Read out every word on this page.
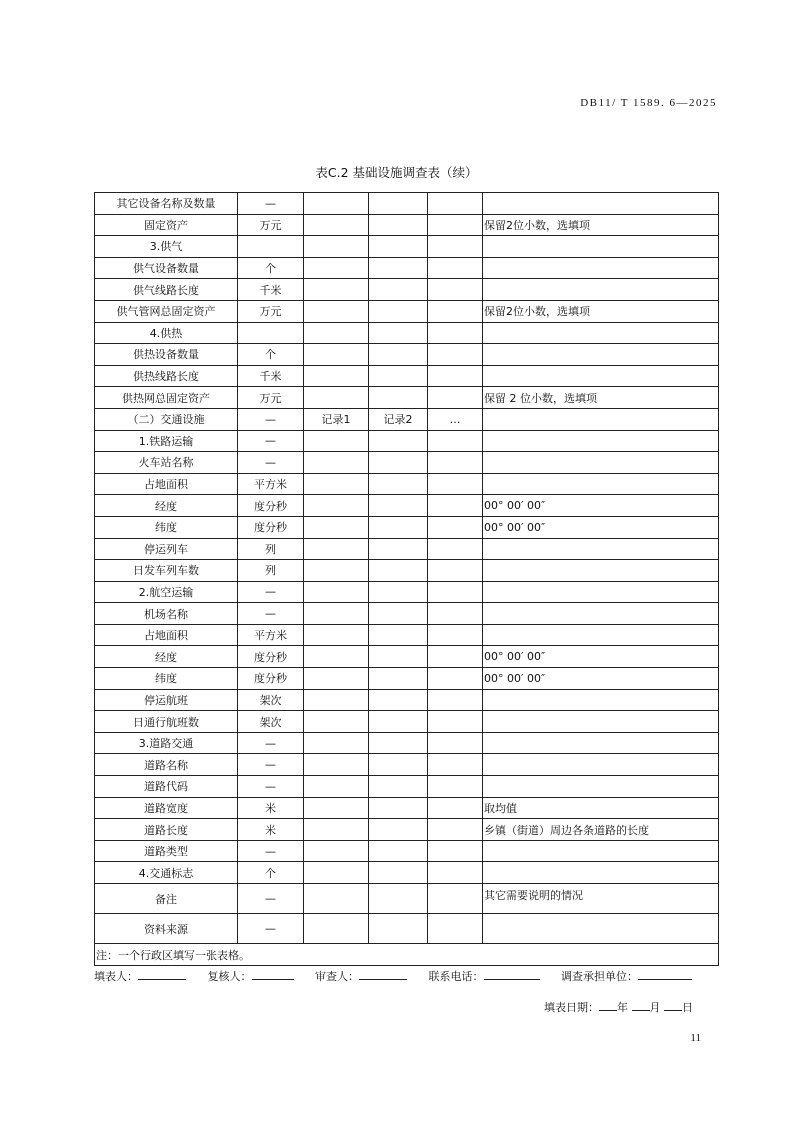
DB11/ T 1589. 6—2025
表C.2 基础设施调查表（续）
其它设备名称及数量	—				
固定资产	万元				保留2位小数，选填项
3.供气					
供气设备数量	个				
供气线路长度	千米				
供气管网总固定资产	万元				保留2位小数，选填项
4.供热					
供热设备数量	个				
供热线路长度	千米				
供热网总固定资产	万元				保留 2 位小数，选填项
（二）交通设施	—	记录1	记录2	…	
1.铁路运输	—				
火车站名称	—				
占地面积	平方米				
经度	度分秒				00° 00′ 00″
纬度	度分秒				00° 00′ 00″
停运列车	列				
日发车列车数	列				
2.航空运输	—				
机场名称	—				
占地面积	平方米				
经度	度分秒				00° 00′ 00″
纬度	度分秒				00° 00′ 00″
停运航班	架次				
日通行航班数	架次				
3.道路交通	—				
道路名称	—				
道路代码	—				
道路宽度	米				取均值
道路长度	米				乡镇（街道）周边各条道路的长度
道路类型	—				
4.交通标志	个				
备注	—				其它需要说明的情况
资料来源	—				
注：一个行政区填写一张表格。					
填表人：	复核人：	审查人：	联系电话：	调查承担单位：
填表日期： 年 月 日
11
